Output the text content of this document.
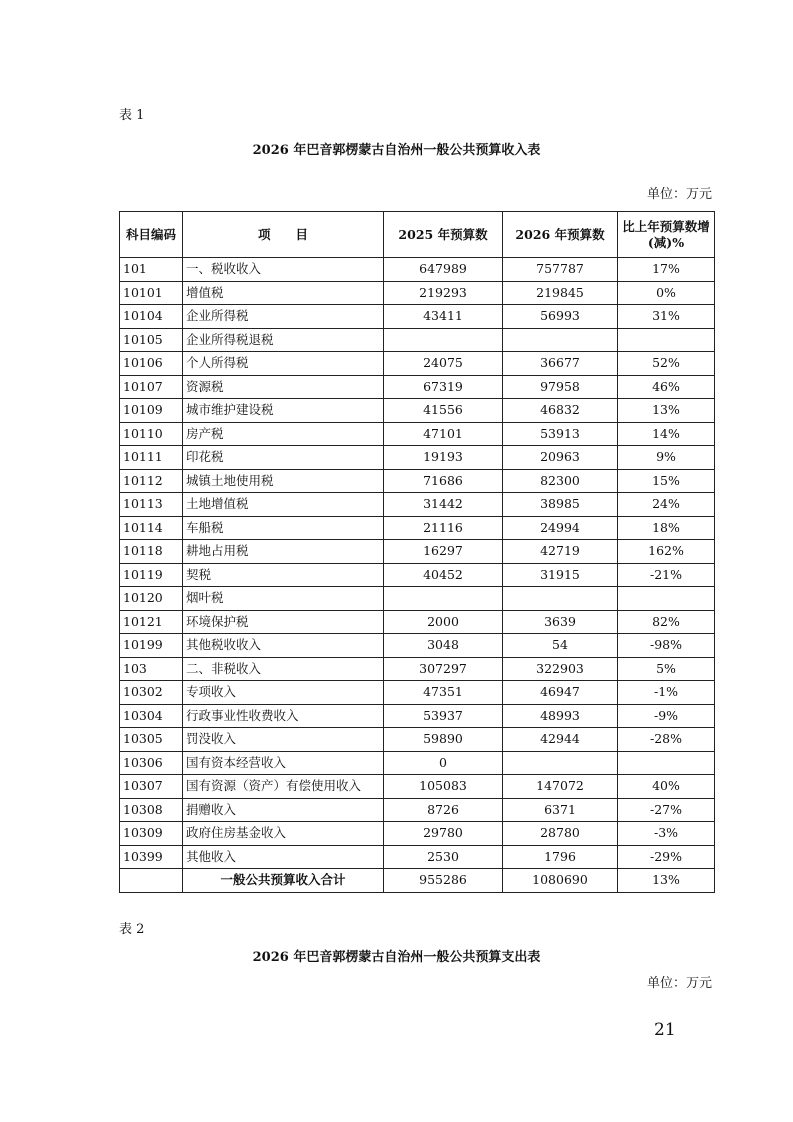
表 1
2026 年巴音郭楞蒙古自治州一般公共预算收入表
单位：万元
科目编码	项　　目	2025 年预算数	2026 年预算数	比上年预算数增(减)%
101	一、税收收入	647989	757787	17%
10101	增值税	219293	219845	0%
10104	企业所得税	43411	56993	31%
10105	企业所得税退税			
10106	个人所得税	24075	36677	52%
10107	资源税	67319	97958	46%
10109	城市维护建设税	41556	46832	13%
10110	房产税	47101	53913	14%
10111	印花税	19193	20963	9%
10112	城镇土地使用税	71686	82300	15%
10113	土地增值税	31442	38985	24%
10114	车船税	21116	24994	18%
10118	耕地占用税	16297	42719	162%
10119	契税	40452	31915	-21%
10120	烟叶税			
10121	环境保护税	2000	3639	82%
10199	其他税收收入	3048	54	-98%
103	二、非税收入	307297	322903	5%
10302	专项收入	47351	46947	-1%
10304	行政事业性收费收入	53937	48993	-9%
10305	罚没收入	59890	42944	-28%
10306	国有资本经营收入	0		
10307	国有资源（资产）有偿使用收入	105083	147072	40%
10308	捐赠收入	8726	6371	-27%
10309	政府住房基金收入	29780	28780	-3%
10399	其他收入	2530	1796	-29%
	一般公共预算收入合计	955286	1080690	13%
表 2
2026 年巴音郭楞蒙古自治州一般公共预算支出表
单位：万元
21
